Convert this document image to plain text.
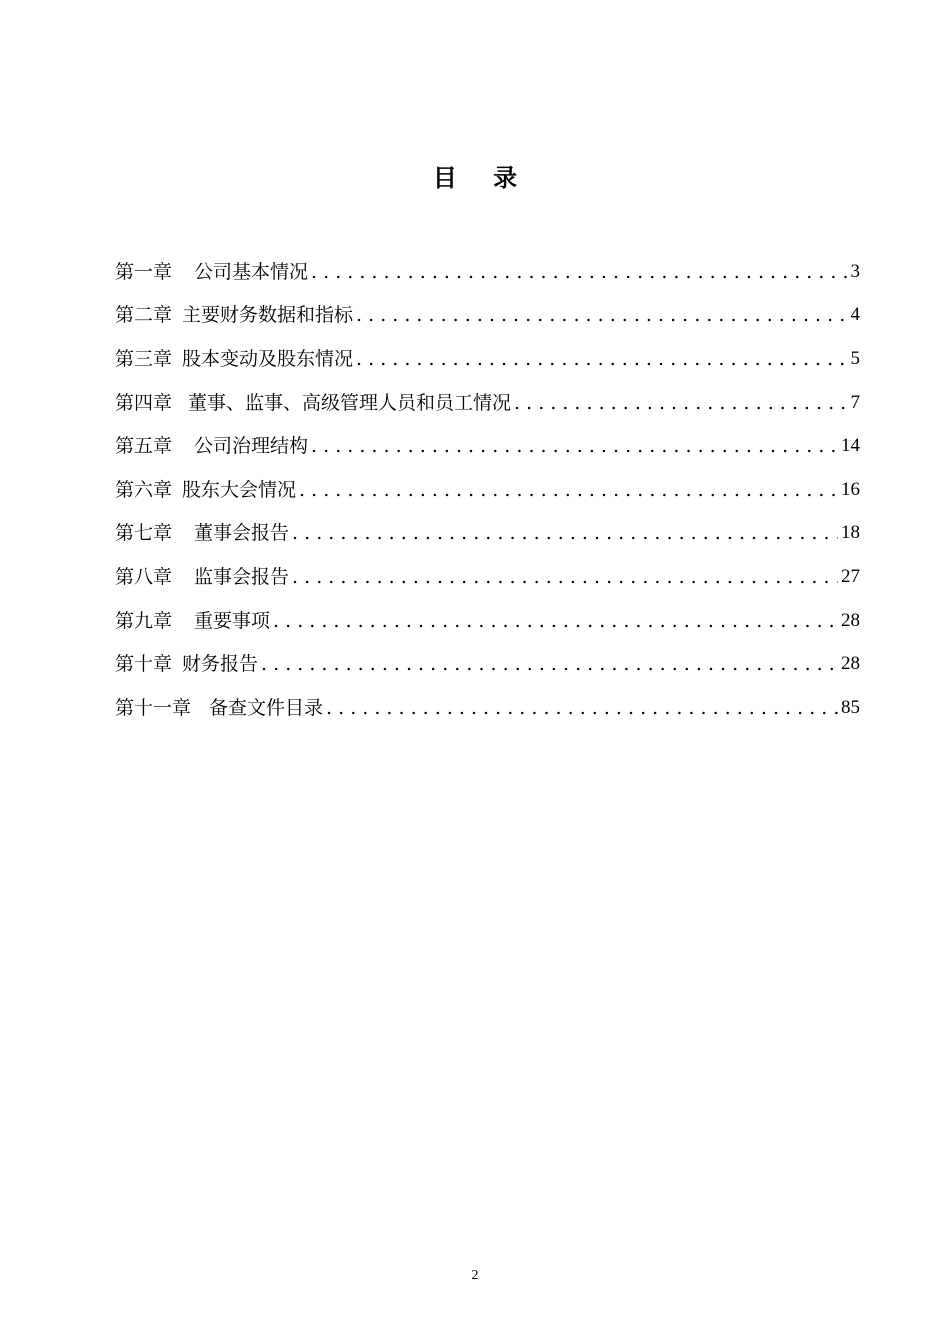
目 录
第一章 公司基本情况 . . .	3
第二章 主要财务数据和指标 . . .	4
第三章 股本变动及股东情况 . . .	5
第四章 董事、监事、高级管理人员和员工情况 . . .	7
第五章 公司治理结构 . . .	14
第六章 股东大会情况 . . .	16
第七章 董事会报告 . . .	18
第八章 监事会报告 . . .	27
第九章 重要事项 . . .	28
第十章 财务报告 . . .	28
第十一章 备查文件目录 . . .	85
2
